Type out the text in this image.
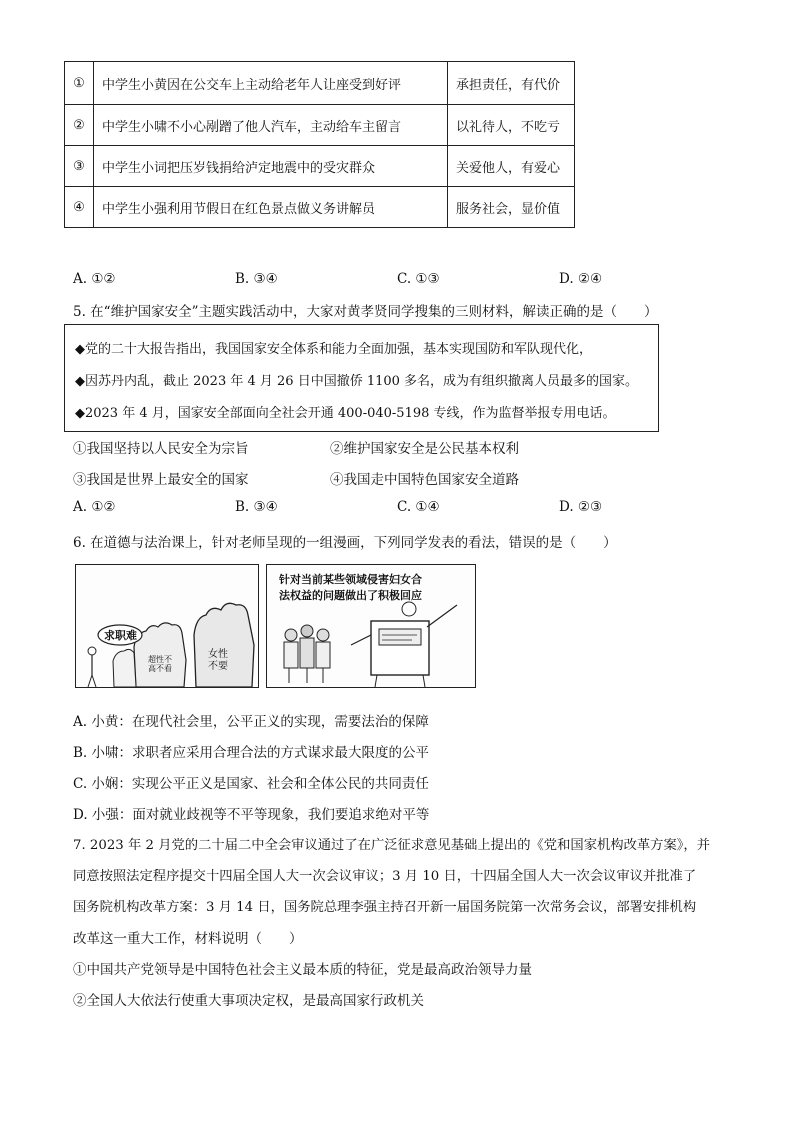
①	中学生小黄因在公交车上主动给老年人让座受到好评	承担责任，有代价
②	中学生小啸不小心剐蹭了他人汽车，主动给车主留言	以礼待人，不吃亏
③	中学生小词把压岁钱捐给泸定地震中的受灾群众	关爱他人，有爱心
④	中学生小强利用节假日在红色景点做义务讲解员	服务社会，显价值
A. ①②	B. ③④	C. ①③	D. ②④
5. 在“维护国家安全”主题实践活动中，大家对黄孝贤同学搜集的三则材料，解读正确的是（　　）
◆党的二十大报告指出，我国国家安全体系和能力全面加强，基本实现国防和军队现代化，
◆因苏丹内乱，截止 2023 年 4 月 26 日中国撤侨 1100 多名，成为有组织撤离人员最多的国家。
◆2023 年 4 月，国家安全部面向全社会开通 400-040-5198 专线，作为监督举报专用电话。
①我国坚持以人民安全为宗旨	②维护国家安全是公民基本权利
③我国是世界上最安全的国家	④我国走中国特色国家安全道路
A. ①②	B. ③④	C. ①④	D. ②③
6. 在道德与法治课上，针对老师呈现的一组漫画，下列同学发表的看法，错误的是（　　）
求职难
女性不要
超性不高不看
针对当前某些领域侵害妇女合
法权益的问题做出了积极回应
A. 小黄：在现代社会里，公平正义的实现，需要法治的保障
B. 小啸：求职者应采用合理合法的方式谋求最大限度的公平
C. 小娴：实现公平正义是国家、社会和全体公民的共同责任
D. 小强：面对就业歧视等不平等现象，我们要追求绝对平等
7. 2023 年 2 月党的二十届二中全会审议通过了在广泛征求意见基础上提出的《党和国家机构改革方案》，并
同意按照法定程序提交十四届全国人大一次会议审议；3 月 10 日，十四届全国人大一次会议审议并批准了
国务院机构改革方案：3 月 14 日，国务院总理李强主持召开新一届国务院第一次常务会议，部署安排机构
改革这一重大工作，材料说明（　　）
①中国共产党领导是中国特色社会主义最本质的特征，党是最高政治领导力量
②全国人大依法行使重大事项决定权，是最高国家行政机关
